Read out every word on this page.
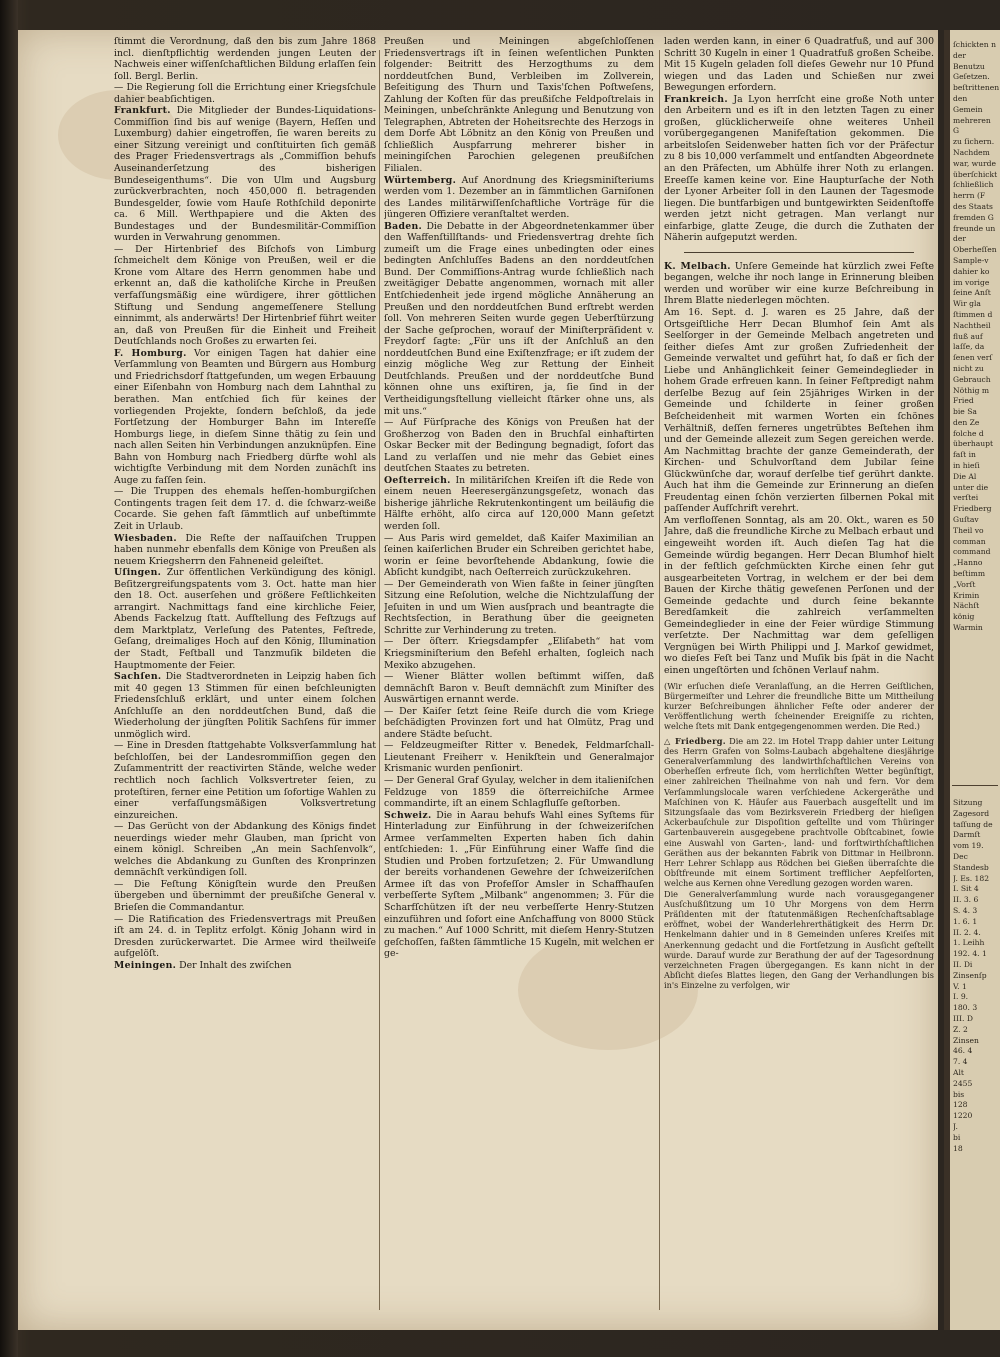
ſtimmt die Verordnung, daß den bis zum Jahre 1868 incl. dienſtpflichtig werdenden jungen Leuten der Nachweis einer wiſſenſchaftlichen Bildung erlaſſen ſein ſoll. Bergl. Berlin.
— Die Regierung ſoll die Errichtung einer Kriegsſchule dahier beabſichtigen.

Frankfurt. Die Mitglieder der Bundes-Liquidations-Commiſſion ſind bis auf wenige (Bayern, Heſſen und Luxemburg) dahier eingetroffen, ſie waren bereits zu einer Sitzung vereinigt und conſtituirten ſich gemäß des Prager Friedensvertrags als „Commiſſion behufs Auseinanderſetzung des bisherigen Bundeseigenthums“. Die von Ulm und Augsburg zurückverbrachten, noch 450,000 fl. betragenden Bundesgelder, ſowie vom Hauſe Rothſchild deponirte ca. 6 Mill. Werthpapiere und die Akten des Bundestages und der Bundesmilitär-Commiſſion wurden in Verwahrung genommen.
— Der Hirtenbrief des Biſchofs von Limburg ſchmeichelt dem Könige von Preußen, weil er die Krone vom Altare des Herrn genommen habe und erkennt an, daß die katholiſche Kirche in Preußen verfaſſungsmäßig eine würdigere, ihrer göttlichen Stiftung und Sendung angemeſſenere Stellung einnimmt, als anderwärts! Der Hirtenbrief führt weiter an, daß von Preußen für die Einheit und Freiheit Deutſchlands noch Großes zu erwarten ſei.

F. Homburg. Vor einigen Tagen hat dahier eine Verſammlung von Beamten und Bürgern aus Homburg und Friedrichsdorf ſtattgefunden, um wegen Erbauung einer Eiſenbahn von Homburg nach dem Lahnthal zu berathen. Man entſchied ſich für keines der vorliegenden Projekte, ſondern beſchloß, da jede Fortſetzung der Homburger Bahn im Intereſſe Homburgs liege, in dieſem Sinne thätig zu ſein und nach allen Seiten hin Verbindungen anzuknüpfen. Eine Bahn von Homburg nach Friedberg dürfte wohl als wichtigſte Verbindung mit dem Norden zunächſt ins Auge zu faſſen ſein.
— Die Truppen des ehemals heſſen-homburgiſchen Contingents tragen ſeit dem 17. d. die ſchwarz-weiße Cocarde. Sie gehen faſt ſämmtlich auf unbeſtimmte Zeit in Urlaub.

Wiesbaden. Die Reſte der naſſauiſchen Truppen haben nunmehr ebenfalls dem Könige von Preußen als neuem Kriegsherrn den Fahneneid geleiſtet.

Uſingen. Zur öffentlichen Verkündigung des königl. Beſitzergreifungspatents vom 3. Oct. hatte man hier den 18. Oct. auserſehen und größere Feſtlichkeiten arrangirt. Nachmittags fand eine kirchliche Feier, Abends Fackelzug ſtatt. Aufſtellung des Feſtzugs auf dem Marktplatz, Verleſung des Patentes, Feſtrede, Geſang, dreimaliges Hoch auf den König, Illumination der Stadt, Feſtball und Tanzmuſik bildeten die Hauptmomente der Feier.

Sachſen. Die Stadtverordneten in Leipzig haben ſich mit 40 gegen 13 Stimmen für einen beſchleunigten Friedensſchluß erklärt, und unter einem ſolchen Anſchluſſe an den norddeutſchen Bund, daß die Wiederholung der jüngſten Politik Sachſens für immer unmöglich wird.
— Eine in Dresden ſtattgehabte Volksverſammlung hat beſchloſſen, bei der Landesrommiſſion gegen den Zuſammentritt der reactivirten Stände, welche weder rechtlich noch ſachlich Volksvertreter ſeien, zu proteſtiren, ferner eine Petition um ſofortige Wahlen zu einer verfaſſungsmäßigen Volksvertretung einzureichen.
— Das Gerücht von der Abdankung des Königs findet neuerdings wieder mehr Glauben, man ſpricht von einem königl. Schreiben „An mein Sachſenvolk“, welches die Abdankung zu Gunſten des Kronprinzen demnächſt verkündigen ſoll.
— Die Feſtung Königſtein wurde den Preußen übergeben und übernimmt der preußiſche General v. Brieſen die Commandantur.
— Die Ratification des Friedensvertrags mit Preußen iſt am 24. d. in Teplitz erfolgt. König Johann wird in Dresden zurückerwartet. Die Armee wird theilweiſe aufgelöſt.

Meiningen. Der Inhalt des zwiſchen

Preußen und Meiningen abgeſchloſſenen Friedensvertrags iſt in ſeinen weſentlichen Punkten folgender: Beitritt des Herzogthums zu dem norddeutſchen Bund, Verbleiben im Zollverein, Beſeitigung des Thurn und Taxis'ſchen Poſtweſens, Zahlung der Koſten für das preußiſche Feldpoſtrelais in Meiningen, unbeſchränkte Anlegung und Benutzung von Telegraphen, Abtreten der Hoheitsrechte des Herzogs in dem Dorfe Abt Löbnitz an den König von Preußen und ſchließlich Auspfarrung mehrerer bisher in meiningiſchen Parochien gelegenen preußiſchen Filialen.

Würtemberg. Auf Anordnung des Kriegsminiſteriums werden vom 1. Dezember an in ſämmtlichen Garniſonen des Landes militärwiſſenſchaftliche Vorträge für die jüngeren Offiziere veranſtaltet werden.

Baden. Die Debatte in der Abgeordnetenkammer über den Waffenſtillſtands- und Friedensvertrag drehte ſich zumeiſt um die Frage eines unbedingten oder eines bedingten Anſchluſſes Badens an den norddeutſchen Bund. Der Commiſſions-Antrag wurde ſchließlich nach zweitägiger Debatte angenommen, wornach mit aller Entſchiedenheit jede irgend mögliche Annäherung an Preußen und den norddeutſchen Bund erſtrebt werden ſoll. Von mehreren Seiten wurde gegen Ueberſtürzung der Sache geſprochen, worauf der Miniſterpräſident v. Freydorf ſagte: „Für uns iſt der Anſchluß an den norddeutſchen Bund eine Exiſtenzfrage; er iſt zudem der einzig mögliche Weg zur Rettung der Einheit Deutſchlands. Preußen und der norddeutſche Bund können ohne uns exiſtiren, ja, ſie ſind in der Vertheidigungsſtellung vielleicht ſtärker ohne uns, als mit uns.“
— Auf Fürſprache des Königs von Preußen hat der Großherzog von Baden den in Bruchſal einhaftirten Oskar Becker mit der Bedingung begnadigt, ſofort das Land zu verlaſſen und nie mehr das Gebiet eines deutſchen Staates zu betreten.

Oeſterreich. In militäriſchen Kreiſen iſt die Rede von einem neuen Heeresergänzungsgeſetz, wonach das bisherige jährliche Rekrutenkontingent um beiläufig die Hälfte erhöht, alſo circa auf 120,000 Mann geſetzt werden ſoll.
— Aus Paris wird gemeldet, daß Kaiſer Maximilian an ſeinen kaiſerlichen Bruder ein Schreiben gerichtet habe, worin er ſeine bevorſtehende Abdankung, ſowie die Abſicht kundgibt, nach Oeſterreich zurückzukehren.
— Der Gemeinderath von Wien faßte in ſeiner jüngſten Sitzung eine Reſolution, welche die Nichtzulaſſung der Jeſuiten in und um Wien ausſprach und beantragte die Rechtsſection, in Berathung über die geeigneten Schritte zur Verhinderung zu treten.
— Der öſterr. Kriegsdampfer „Eliſabeth“ hat vom Kriegsminiſterium den Befehl erhalten, ſogleich nach Mexiko abzugehen.
— Wiener Blätter wollen beſtimmt wiſſen, daß demnächſt Baron v. Beuſt demnächſt zum Miniſter des Auswärtigen ernannt werde.
— Der Kaiſer ſetzt ſeine Reiſe durch die vom Kriege beſchädigten Provinzen fort und hat Olmütz, Prag und andere Städte beſucht.
— Feldzeugmeiſter Ritter v. Benedek, Feldmarſchall-Lieutenant Freiherr v. Henikſtein und Generalmajor Krismanic wurden penſionirt.
— Der General Graf Gyulay, welcher in dem italieniſchen Feldzuge von 1859 die öſterreichiſche Armee commandirte, iſt an einem Schlagfluſſe geſtorben.

Schweiz. Die in Aarau behufs Wahl eines Syſtems für Hinterladung zur Einführung in der ſchweizeriſchen Armee verſammelten Experten haben ſich dahin entſchieden: 1. „Für Einführung einer Waffe ſind die Studien und Proben fortzuſetzen; 2. Für Umwandlung der bereits vorhandenen Gewehre der ſchweizeriſchen Armee iſt das von Profeſſor Amsler in Schaffhauſen verbeſſerte Syſtem „Milbank“ angenommen; 3. Für die Scharfſchützen iſt der neu verbeſſerte Henry-Stutzen einzuführen und ſofort eine Anſchaffung von 8000 Stück zu machen.“ Auf 1000 Schritt, mit dieſem Henry-Stutzen geſchoſſen, faßten ſämmtliche 15 Kugeln, mit welchen er ge-

laden werden kann, in einer 6 Quadratfuß, und auf 300 Schritt 30 Kugeln in einer 1 Quadratfuß großen Scheibe. Mit 15 Kugeln geladen ſoll dieſes Gewehr nur 10 Pfund wiegen und das Laden und Schießen nur zwei Bewegungen erfordern.

Frankreich. Ja Lyon herrſcht eine große Noth unter den Arbeitern und es iſt in den letzten Tagen zu einer großen, glücklicherweiſe ohne weiteres Unheil vorübergegangenen Manifeſtation gekommen. Die arbeitsloſen Seidenweber hatten ſich vor der Präfectur zu 8 bis 10,000 verſammelt und entſandten Abgeordnete an den Präfecten, um Abhülfe ihrer Noth zu erlangen. Ereeſſe kamen keine vor. Eine Haupturſache der Noth der Lyoner Arbeiter ſoll in den Launen der Tagesmode liegen. Die buntfarbigen und buntgewirkten Seidenſtoffe werden jetzt nicht getragen. Man verlangt nur einfarbige, glatte Zeuge, die durch die Zuthaten der Näherin aufgeputzt werden.

K. Melbach. Unſere Gemeinde hat kürzlich zwei Feſte begangen, welche ihr noch lange in Erinnerung bleiben werden und worüber wir eine kurze Beſchreibung in Ihrem Blatte niederlegen möchten.
Am 16. Sept. d. J. waren es 25 Jahre, daß der Ortsgeiſtliche Herr Decan Blumhof ſein Amt als Seelſorger in der Gemeinde Melbach angetreten und ſeither dieſes Amt zur großen Zufriedenheit der Gemeinde verwaltet und geführt hat, ſo daß er ſich der Liebe und Anhänglichkeit ſeiner Gemeindeglieder in hohem Grade erfreuen kann. In ſeiner Feſtpredigt nahm derſelbe Bezug auf ſein 25jähriges Wirken in der Gemeinde und ſchilderte in ſeiner großen Beſcheidenheit mit warmen Worten ein ſchönes Verhältniß, deſſen ferneres ungetrübtes Beſtehen ihm und der Gemeinde allezeit zum Segen gereichen werde. Am Nachmittag brachte der ganze Gemeinderath, der Kirchen- und Schulvorſtand dem Jubilar ſeine Glückwünſche dar, worauf derſelbe tief gerührt dankte. Auch hat ihm die Gemeinde zur Erinnerung an dieſen Freudentag einen ſchön verzierten ſilbernen Pokal mit paſſender Aufſchrift verehrt.
Am verfloſſenen Sonntag, als am 20. Okt., waren es 50 Jahre, daß die freundliche Kirche zu Melbach erbaut und eingeweiht worden iſt. Auch dieſen Tag hat die Gemeinde würdig begangen. Herr Decan Blumhof hielt in der feſtlich geſchmückten Kirche einen ſehr gut ausgearbeiteten Vortrag, in welchem er der bei dem Bauen der Kirche thätig geweſenen Perſonen und der Gemeinde gedachte und durch ſeine bekannte Beredſamkeit die zahlreich verſammelten Gemeindeglieder in eine der Feier würdige Stimmung verſetzte. Der Nachmittag war dem geſelligen Vergnügen bei Wirth Philippi und J. Markoſ gewidmet, wo dieſes Feſt bei Tanz und Muſik bis ſpät in die Nacht einen ungeſtörten und ſchönen Verlauf nahm.

(Wir erſuchen dieſe Veranlaſſung, an die Herren Geiſtlichen, Bürgermeiſter und Lehrer die freundliche Bitte um Mittheilung kurzer Beſchreibungen ähnlicher Feſte oder anderer der Veröffentlichung werth ſcheinender Ereigniſſe zu richten, welche ſtets mit Dank entgegengenommen werden. Die Red.)

△ Friedberg. Die am 22. im Hotel Trapp dahier unter Leitung des Herrn Grafen von Solms-Laubach abgehaltene diesjährige Generalverſammlung des landwirthſchaftlichen Vereins von Oberheſſen erfreute ſich, vom herrlichſten Wetter begünſtigt, einer zahlreichen Theilnahme von nah und fern. Vor dem Verſammlungslocale waren verſchiedene Ackergeräthe und Maſchinen von K. Häuſer aus Fauerbach ausgeſtellt und im Sitzungsſaale das vom Bezirksverein Friedberg der hieſigen Ackerbauſchule zur Dispoſition geſtellte und vom Thüringer Gartenbauverein ausgegebene prachtvolle Obſtcabinet, ſowie eine Auswahl von Garten-, land- und forſtwirthſchaftlichen Geräthen aus der bekannten Fabrik von Dittmar in Heilbronn. Herr Lehrer Schlapp aus Rödchen bei Gießen überraſchte die Obſtfreunde mit einem Sortiment trefflicher Aepfelſorten, welche aus Kernen ohne Veredlung gezogen worden waren.
Die Generalverſammlung wurde nach vorausgegangener Ausſchußſitzung um 10 Uhr Morgens von dem Herrn Präſidenten mit der ſtatutenmäßigen Rechenſchaftsablage eröffnet, wobei der Wanderlehrerthätigkeit des Herrn Dr. Henkelmann dahier und in 8 Gemeinden unſeres Kreiſes mit Anerkennung gedacht und die Fortſetzung in Ausſicht geſtellt wurde. Darauf wurde zur Berathung der auf der Tagesordnung verzeichneten Fragen übergegangen. Es kann nicht in der Abſicht dieſes Blattes liegen, den Gang der Verhandlungen bis in's Einzelne zu verfolgen, wir

ſchickten n
der Benutzu
Geſetzen.
beſtrittenen
den Gemein
mehreren G
zu ſichern.
Nachdem
war, wurde
überſchickt
ſchließlich
herrn (F
des Staats
fremden G
freunde un
der Oberheſſen
Sample-v
dahier ko
im vorige
ſeine Anſt
Wir gla
ſtimmen d
Nachtheil
fluß auf
laſſe, da
ſenen verſ
nicht zu
Gebrauch
Nöthig m
Fried
bie Sa
den Ze
folche d
überhaupt
faſt in
in hieſi
Die Al
unter die
verſtei
Friedberg
Guſtav
Theil vo
comman
command
„Hanno
beſtimm
„Vorſt
Krimin
Nächſt
könig
Warmin
Sitzung
Zagesord
taſſung de
Darmſt
vom 19. Dec
Standesb
J. Es. 182
I. Sit 4
II. 3. 6
S. 4. 3
1. 6. 1
II. 2. 4.
1. Leihh
192. 4. 1
II. Di
Zinsenſp
V. 1
I. 9.
180. 3
III. D
Z. 2
Zinsen
46. 4
7. 4
Alt
2455
bis
128
1220
J.
bi
18
